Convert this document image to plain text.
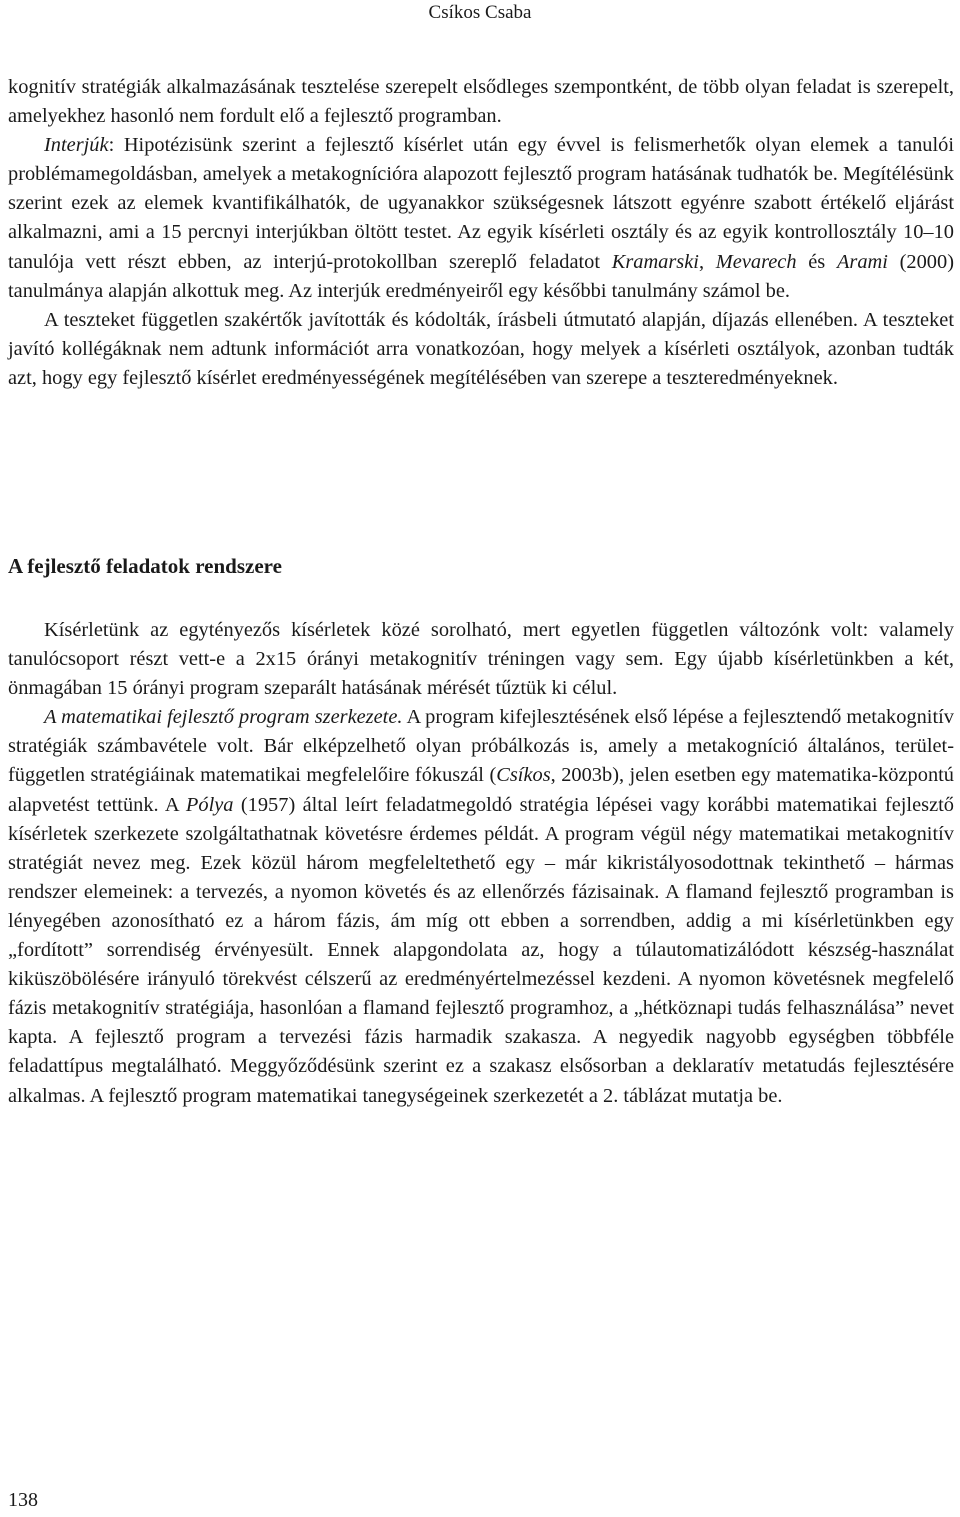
Csíkos Csaba

kognitív stratégiák alkalmazásának tesztelése szerepelt elsődleges szempontként, de több olyan feladat is szerepelt, amelyekhez hasonló nem fordult elő a fejlesztő programban.

Interjúk: Hipotézisünk szerint a fejlesztő kísérlet után egy évvel is felismerhetők olyan elemek a tanulói problémamegoldásban, amelyek a metakognícióra alapozott fejlesztő program hatásának tudhatók be. Megítélésünk szerint ezek az elemek kvantifikálhatók, de ugyanakkor szükségesnek látszott egyénre szabott értékelő eljárást alkalmazni, ami a 15 percnyi interjúkban öltött testet. Az egyik kísérleti osztály és az egyik kontrollosztály 10–10 tanulója vett részt ebben, az interjú-protokollban szereplő feladatot Kramarski, Mevarech és Arami (2000) tanulmánya alapján alkottuk meg. Az interjúk eredményeiről egy későbbi tanulmány számol be.

A teszteket független szakértők javították és kódolták, írásbeli útmutató alapján, díjazás ellenében. A teszteket javító kollégáknak nem adtunk információt arra vonatkozóan, hogy melyek a kísérleti osztályok, azonban tudták azt, hogy egy fejlesztő kísérlet eredményességének megítélésében van szerepe a teszteredményeknek.

A fejlesztő feladatok rendszere

Kísérletünk az egytényezős kísérletek közé sorolható, mert egyetlen független változónk volt: valamely tanulócsoport részt vett-e a 2x15 órányi metakognitív tréningen vagy sem. Egy újabb kísérletünkben a két, önmagában 15 órányi program szeparált hatásának mérését tűztük ki célul.

A matematikai fejlesztő program szerkezete. A program kifejlesztésének első lépése a fejlesztendő metakognitív stratégiák számbavétele volt. Bár elképzelhető olyan próbálkozás is, amely a metakogníció általános, terület-független stratégiáinak matematikai megfelelőire fókuszál (Csíkos, 2003b), jelen esetben egy matematika-központú alapvetést tettünk. A Pólya (1957) által leírt feladatmegoldó stratégia lépései vagy korábbi matematikai fejlesztő kísérletek szerkezete szolgáltathatnak követésre érdemes példát. A program végül négy matematikai metakognitív stratégiát nevez meg. Ezek közül három megfeleltethető egy – már kikristályosodottnak tekinthető – hármas rendszer elemeinek: a tervezés, a nyomon követés és az ellenőrzés fázisainak. A flamand fejlesztő programban is lényegében azonosítható ez a három fázis, ám míg ott ebben a sorrendben, addig a mi kísérletünkben egy „fordított” sorrendiség érvényesült. Ennek alapgondolata az, hogy a túlautomatizálódott készség-használat kiküszöbölésére irányuló törekvést célszerű az eredményértelmezéssel kezdeni. A nyomon követésnek megfelelő fázis metakognitív stratégiája, hasonlóan a flamand fejlesztő programhoz, a „hétköznapi tudás felhasználása” nevet kapta. A fejlesztő program a tervezési fázis harmadik szakasza. A negyedik nagyobb egységben többféle feladattípus megtalálható. Meggyőződésünk szerint ez a szakasz elsősorban a deklaratív metatudás fejlesztésére alkalmas. A fejlesztő program matematikai tanegységeinek szerkezetét a 2. táblázat mutatja be.

138
